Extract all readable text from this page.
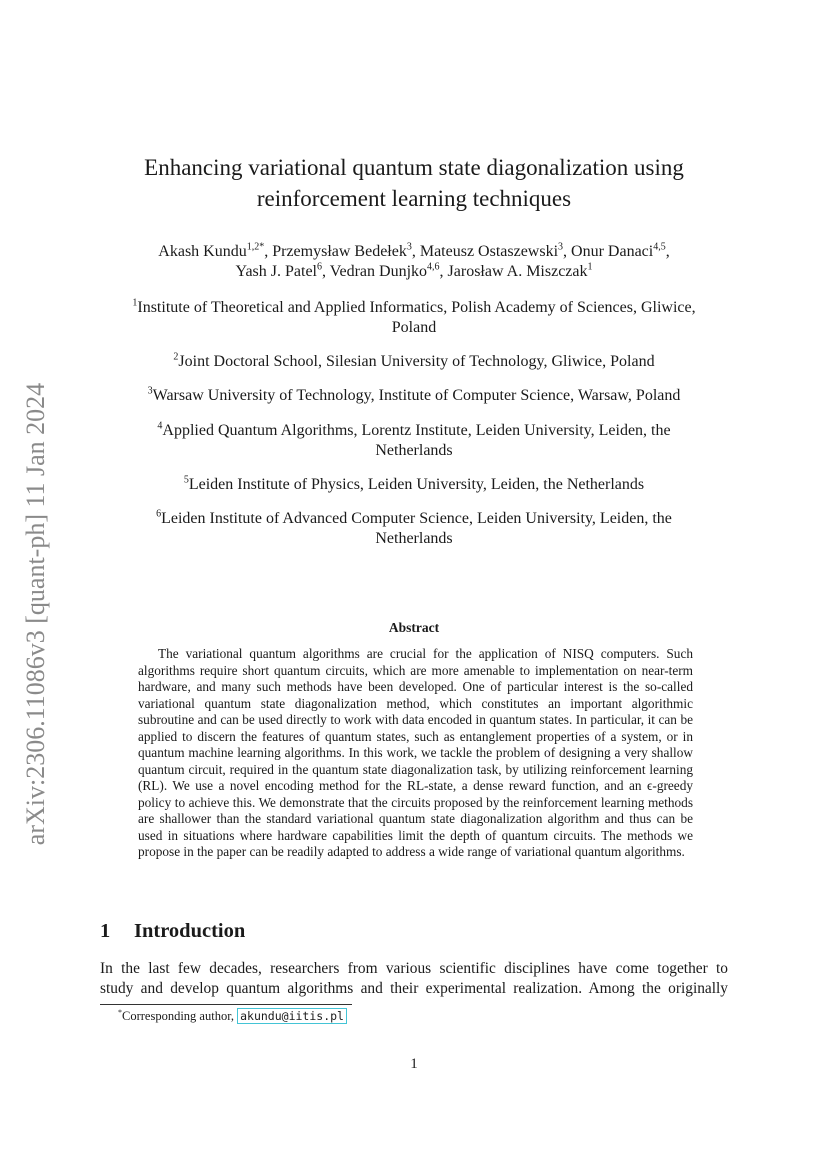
arXiv:2306.11086v3 [quant-ph] 11 Jan 2024
Enhancing variational quantum state diagonalization using
reinforcement learning techniques
Akash Kundu$^{1,2*}$, Przemysław Bedełek$^3$, Mateusz Ostaszewski$^3$, Onur Danaci$^{4,5}$,
Yash J. Patel$^6$, Vedran Dunjko$^{4,6}$, Jarosław A. Miszczak$^1$
$^1$Institute of Theoretical and Applied Informatics, Polish Academy of Sciences, Gliwice,
Poland
$^2$Joint Doctoral School, Silesian University of Technology, Gliwice, Poland
$^3$Warsaw University of Technology, Institute of Computer Science, Warsaw, Poland
$^4$Applied Quantum Algorithms, Lorentz Institute, Leiden University, Leiden, the
Netherlands
$^5$Leiden Institute of Physics, Leiden University, Leiden, the Netherlands
$^6$Leiden Institute of Advanced Computer Science, Leiden University, Leiden, the
Netherlands
Abstract
The variational quantum algorithms are crucial for the application of NISQ computers. Such algorithms require short quantum circuits, which are more amenable to implementation on near-term hardware, and many such methods have been developed. One of particular interest is the so-called variational quantum state diagonalization method, which constitutes an important algorithmic subroutine and can be used directly to work with data encoded in quantum states. In particular, it can be applied to discern the features of quantum states, such as entanglement properties of a system, or in quantum machine learning algorithms. In this work, we tackle the problem of designing a very shallow quantum circuit, required in the quantum state diagonalization task, by utilizing reinforcement learning (RL). We use a novel encoding method for the RL-state, a dense reward function, and an ϵ-greedy policy to achieve this. We demonstrate that the circuits proposed by the reinforcement learning methods are shallower than the standard variational quantum state diagonalization algorithm and thus can be used in situations where hardware capabilities limit the depth of quantum circuits. The methods we propose in the paper can be readily adapted to address a wide range of variational quantum algorithms.
1 Introduction
In the last few decades, researchers from various scientific disciplines have come together to
study and develop quantum algorithms and their experimental realization. Among the originally
*Corresponding author, akundu@iitis.pl
1
